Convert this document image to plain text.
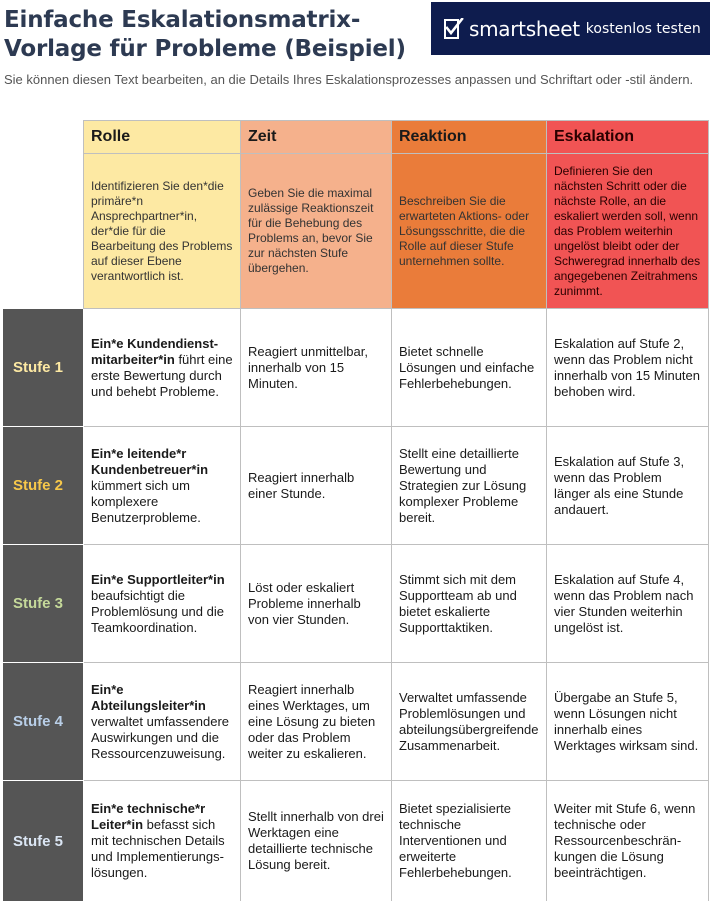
Einfache Eskalationsmatrix-
Vorlage für Probleme (Beispiel)
smartsheet kostenlos testen
Sie können diesen Text bearbeiten, an die Details Ihres Eskalationsprozesses anpassen und Schriftart oder -stil ändern.
	Rolle	Zeit	Reaktion	Eskalation
	Identifizieren Sie den*die primäre*n Ansprechpartner*in, der*die für die Bearbeitung des Problems auf dieser Ebene verantwortlich ist.	Geben Sie die maximal zulässige Reaktionszeit für die Behebung des Problems an, bevor Sie zur nächsten Stufe übergehen.	Beschreiben Sie die erwarteten Aktions- oder Lösungsschritte, die die Rolle auf dieser Stufe unternehmen sollte.	Definieren Sie den nächsten Schritt oder die nächste Rolle, an die eskaliert werden soll, wenn das Problem weiterhin ungelöst bleibt oder der Schweregrad innerhalb des angegebenen Zeitrahmens zunimmt.
Stufe 1	Ein*e Kundendienstmitarbeiter*in führt eine erste Bewertung durch und behebt Probleme.	Reagiert unmittelbar, innerhalb von 15 Minuten.	Bietet schnelle Lösungen und einfache Fehlerbehebungen.	Eskalation auf Stufe 2, wenn das Problem nicht innerhalb von 15 Minuten behoben wird.
Stufe 2	Ein*e leitende*r Kundenbetreuer*in kümmert sich um komplexere Benutzerprobleme.	Reagiert innerhalb einer Stunde.	Stellt eine detaillierte Bewertung und Strategien zur Lösung komplexer Probleme bereit.	Eskalation auf Stufe 3, wenn das Problem länger als eine Stunde andauert.
Stufe 3	Ein*e Supportleiter*in beaufsichtigt die Problemlösung und die Teamkoordination.	Löst oder eskaliert Probleme innerhalb von vier Stunden.	Stimmt sich mit dem Supportteam ab und bietet eskalierte Supporttaktiken.	Eskalation auf Stufe 4, wenn das Problem nach vier Stunden weiterhin ungelöst ist.
Stufe 4	Ein*e Abteilungsleiter*in verwaltet umfassendere Auswirkungen und die Ressourcenzuweisung.	Reagiert innerhalb eines Werktages, um eine Lösung zu bieten oder das Problem weiter zu eskalieren.	Verwaltet umfassende Problemlösungen und abteilungsübergreifende Zusammenarbeit.	Übergabe an Stufe 5, wenn Lösungen nicht innerhalb eines Werktages wirksam sind.
Stufe 5	Ein*e technische*r Leiter*in befasst sich mit technischen Details und Implementierungslösungen.	Stellt innerhalb von drei Werktagen eine detaillierte technische Lösung bereit.	Bietet spezialisierte technische Interventionen und erweiterte Fehlerbehebungen.	Weiter mit Stufe 6, wenn technische oder Ressourcenbeschränkungen die Lösung beeinträchtigen.
